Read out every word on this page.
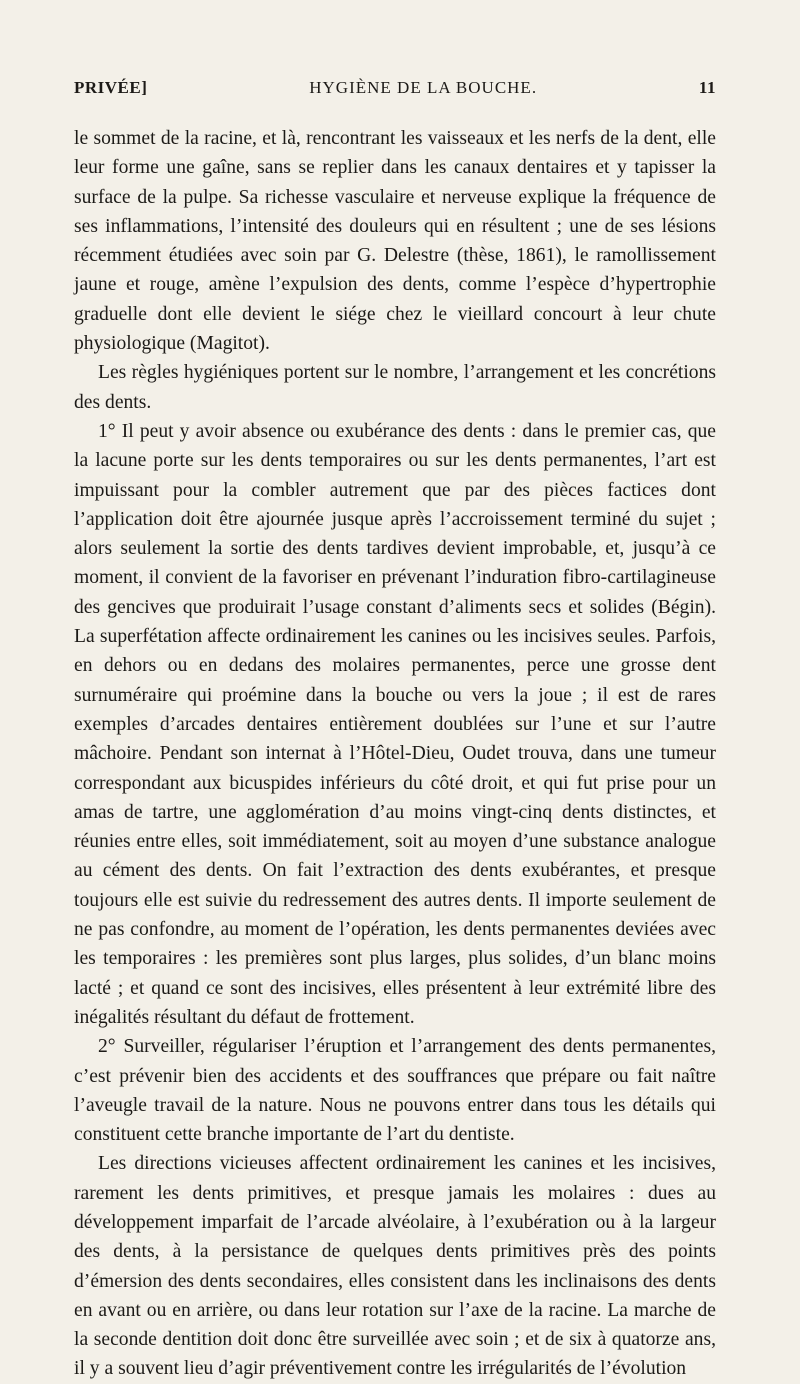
PRIVÉE]	HYGIÈNE DE LA BOUCHE.	11

le sommet de la racine, et là, rencontrant les vaisseaux et les nerfs de la dent, elle leur forme une gaîne, sans se replier dans les canaux dentaires et y tapisser la surface de la pulpe. Sa richesse vasculaire et nerveuse explique la fréquence de ses inflammations, l’intensité des douleurs qui en résultent ; une de ses lésions récemment étudiées avec soin par G. Delestre (thèse, 1861), le ramollissement jaune et rouge, amène l’expulsion des dents, comme l’espèce d’hypertrophie graduelle dont elle devient le siége chez le vieillard concourt à leur chute physiologique (Magitot).

Les règles hygiéniques portent sur le nombre, l’arrangement et les concrétions des dents.

1° Il peut y avoir absence ou exubérance des dents : dans le premier cas, que la lacune porte sur les dents temporaires ou sur les dents permanentes, l’art est impuissant pour la combler autrement que par des pièces factices dont l’application doit être ajournée jusque après l’accroissement terminé du sujet ; alors seulement la sortie des dents tardives devient improbable, et, jusqu’à ce moment, il convient de la favoriser en prévenant l’induration fibro-cartilagineuse des gencives que produirait l’usage constant d’aliments secs et solides (Bégin). La superfétation affecte ordinairement les canines ou les incisives seules. Parfois, en dehors ou en dedans des molaires permanentes, perce une grosse dent surnuméraire qui proémine dans la bouche ou vers la joue ; il est de rares exemples d’arcades dentaires entièrement doublées sur l’une et sur l’autre mâchoire. Pendant son internat à l’Hôtel-Dieu, Oudet trouva, dans une tumeur correspondant aux bicuspides inférieurs du côté droit, et qui fut prise pour un amas de tartre, une agglomération d’au moins vingt-cinq dents distinctes, et réunies entre elles, soit immédiatement, soit au moyen d’une substance analogue au cément des dents. On fait l’extraction des dents exubérantes, et presque toujours elle est suivie du redressement des autres dents. Il importe seulement de ne pas confondre, au moment de l’opération, les dents permanentes deviées avec les temporaires : les premières sont plus larges, plus solides, d’un blanc moins lacté ; et quand ce sont des incisives, elles présentent à leur extrémité libre des inégalités résultant du défaut de frottement.

2° Surveiller, régulariser l’éruption et l’arrangement des dents permanentes, c’est prévenir bien des accidents et des souffrances que prépare ou fait naître l’aveugle travail de la nature. Nous ne pouvons entrer dans tous les détails qui constituent cette branche importante de l’art du dentiste.

Les directions vicieuses affectent ordinairement les canines et les incisives, rarement les dents primitives, et presque jamais les molaires : dues au développement imparfait de l’arcade alvéolaire, à l’exubération ou à la largeur des dents, à la persistance de quelques dents primitives près des points d’émersion des dents secondaires, elles consistent dans les inclinaisons des dents en avant ou en arrière, ou dans leur rotation sur l’axe de la racine. La marche de la seconde dentition doit donc être surveillée avec soin ; et de six à quatorze ans, il y a souvent lieu d’agir préventivement contre les irrégularités de l’évolution
